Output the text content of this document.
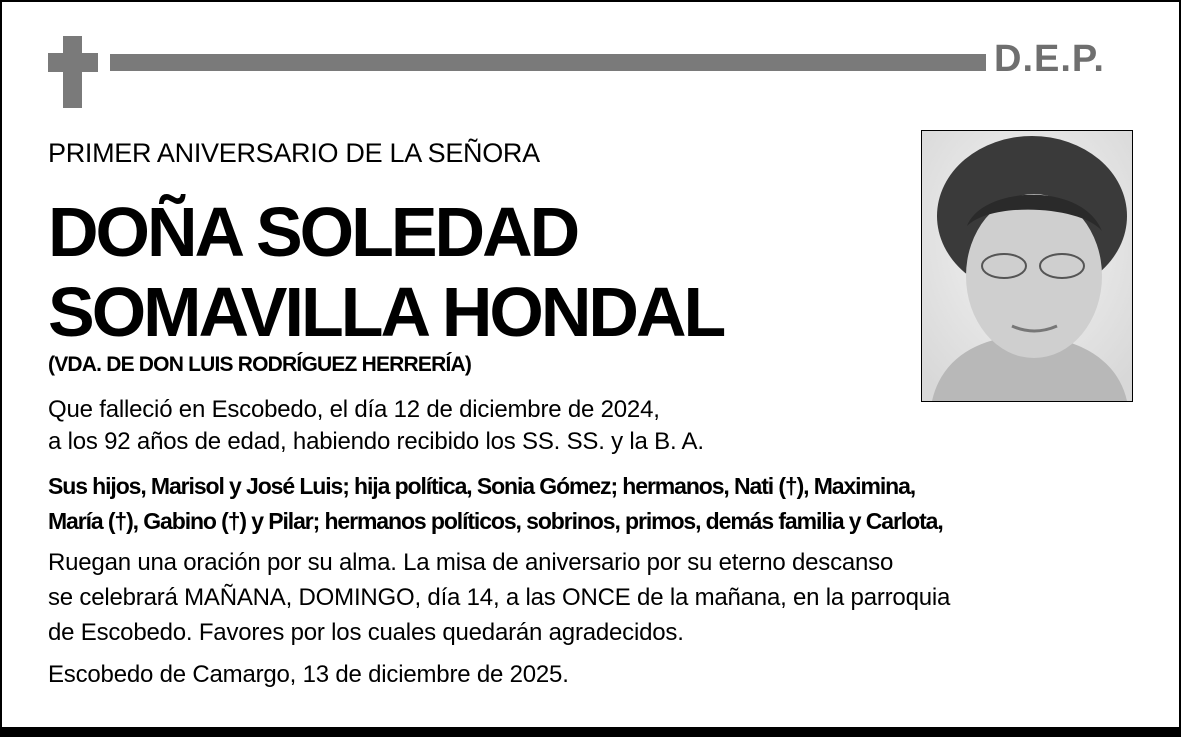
D.E.P.
PRIMER ANIVERSARIO DE LA SEÑORA
DOÑA SOLEDAD
SOMAVILLA HONDAL
(VDA. DE DON LUIS RODRÍGUEZ HERRERÍA)
Que falleció en Escobedo, el día 12 de diciembre de 2024,
a los 92 años de edad, habiendo recibido los SS. SS. y la B. A.
Sus hijos, Marisol y José Luis; hija política, Sonia Gómez; hermanos, Nati (†), Maximina,
María (†), Gabino (†) y Pilar; hermanos políticos, sobrinos, primos, demás familia y Carlota,
Ruegan una oración por su alma. La misa de aniversario por su eterno descanso
se celebrará MAÑANA, DOMINGO, día 14, a las ONCE de la mañana, en la parroquia
de Escobedo. Favores por los cuales quedarán agradecidos.
Escobedo de Camargo, 13 de diciembre de 2025.
